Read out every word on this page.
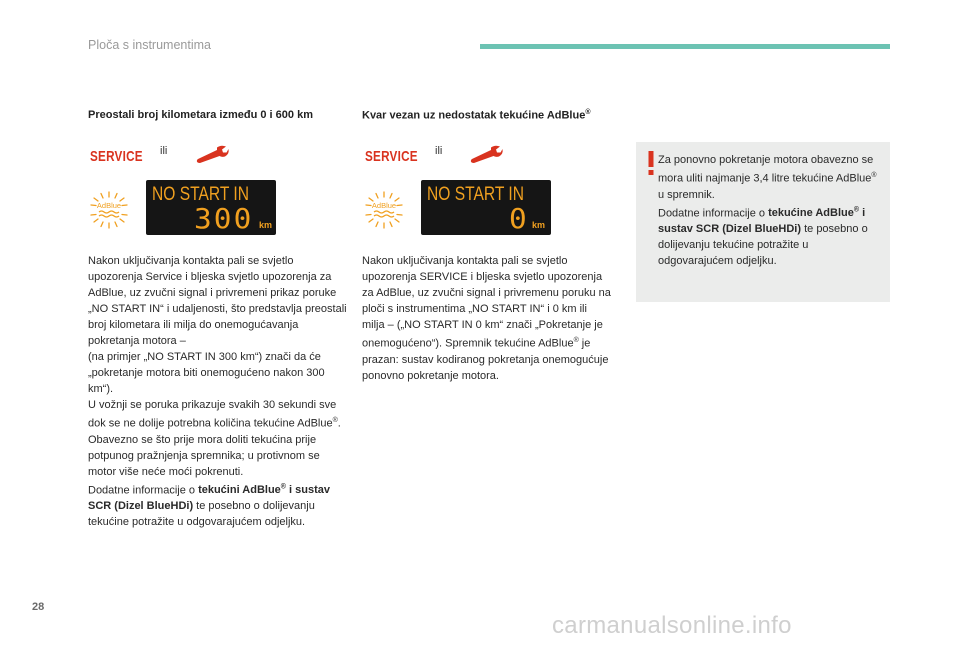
Ploča s instrumentima
Preostali broj kilometara između 0 i 600 km
SERVICE ili
AdBlue
NO START IN
300 km

Nakon uključivanja kontakta pali se svjetlo upozorenja Service i bljeska svjetlo upozorenja za AdBlue, uz zvučni signal i privremeni prikaz poruke „NO START IN“ i udaljenosti, što predstavlja preostali broj kilometara ili milja do onemogućavanja pokretanja motora –

(na primjer „NO START IN 300 km“) znači da će „pokretanje motora biti onemogućeno nakon 300 km“).

U vožnji se poruka prikazuje svakih 30 sekundi sve dok se ne dolije potrebna količina tekućine AdBlue®.

Obavezno se što prije mora doliti tekućina prije potpunog pražnjenja spremnika; u protivnom se motor više neće moći pokrenuti.

Dodatne informacije o tekućini AdBlue® i sustav SCR (Dizel BlueHDi) te posebno o dolijevanju tekućine potražite u odgovarajućem odjeljku.

Kvar vezan uz nedostatak tekućine AdBlue®
SERVICE ili
AdBlue
NO START IN
0 km

Nakon uključivanja kontakta pali se svjetlo upozorenja SERVICE i bljeska svjetlo upozorenja za AdBlue, uz zvučni signal i privremenu poruku na ploči s instrumentima „NO START IN“ i 0 km ili milja – („NO START IN 0 km“ znači „Pokretanje je onemogućeno“). Spremnik tekućine AdBlue® je prazan: sustav kodiranog pokretanja onemogućuje ponovno pokretanje motora.

Za ponovno pokretanje motora obavezno se mora uliti najmanje 3,4 litre tekućine AdBlue® u spremnik.

Dodatne informacije o tekućine AdBlue® i sustav SCR (Dizel BlueHDi) te posebno o dolijevanju tekućine potražite u odgovarajućem odjeljku.

28
carmanualsonline.info
